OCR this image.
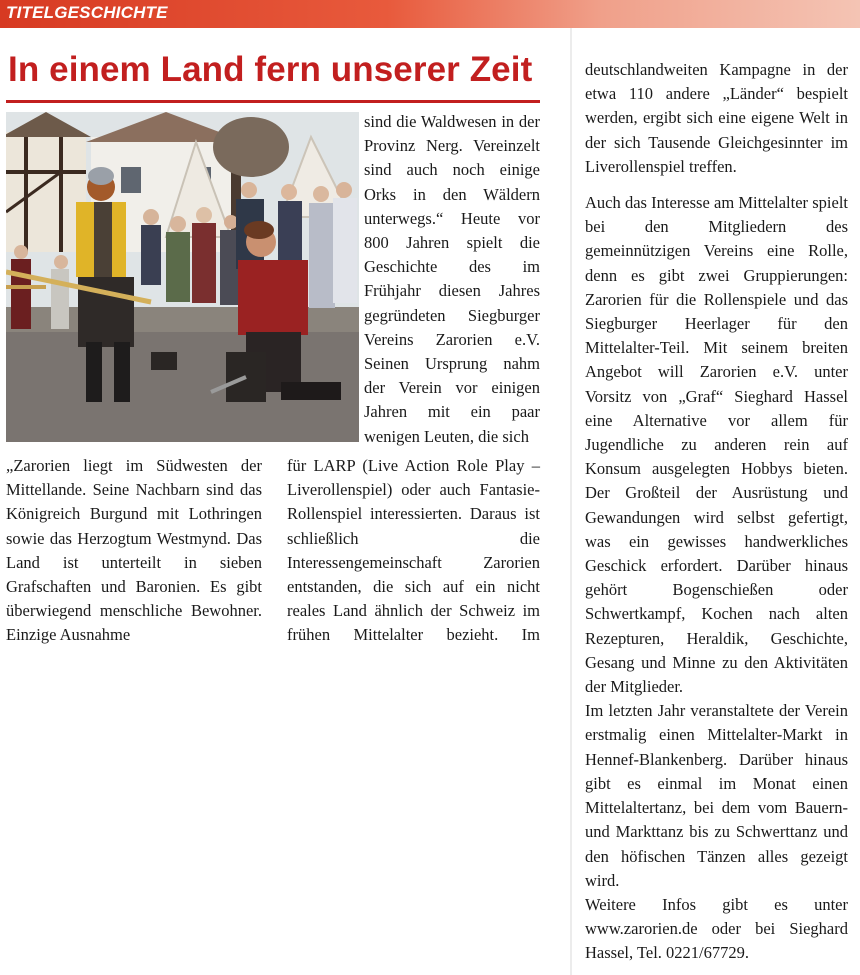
TITELGESCHICHTE
In einem Land fern unserer Zeit
sind die Waldwesen in der Provinz Nerg. Vereinzelt sind auch noch einige Orks in den Wäldern unterwegs.“ Heute vor 800 Jahren spielt die Geschichte des im Frühjahr diesen Jahres gegründeten Siegburger Vereins Zarorien e.V. Seinen Ursprung nahm der Verein vor einigen Jahren mit ein paar wenigen Leuten, die sich
„Zarorien liegt im Südwesten der Mittellande. Seine Nachbarn sind das Königreich Burgund mit Lothringen sowie das Herzogtum Westmynd. Das Land ist unterteilt in sieben Grafschaften und Baronien. Es gibt überwiegend menschliche Bewohner. Einzige Ausnahme
für LARP (Live Action Role Play – Liverollenspiel) oder auch Fantasie-Rollenspiel interessierten. Daraus ist schließlich die Interessengemeinschaft Zarorien entstanden, die sich auf ein nicht reales Land ähnlich der Schweiz im frühen Mittelalter bezieht. Im

deutschlandweiten Kampagne in der etwa 110 andere „Länder“ bespielt werden, ergibt sich eine eigene Welt in der sich Tausende Gleichgesinnter im Liverollenspiel treffen.

Auch das Interesse am Mittelalter spielt bei den Mitgliedern des gemeinnützigen Vereins eine Rolle, denn es gibt zwei Gruppierungen: Zarorien für die Rollenspiele und das Siegburger Heerlager für den Mittelalter-Teil. Mit seinem breiten Angebot will Zarorien e.V. unter Vorsitz von „Graf“ Sieghard Hassel eine Alternative vor allem für Jugendliche zu anderen rein auf Konsum ausgelegten Hobbys bieten. Der Großteil der Ausrüstung und Gewandungen wird selbst gefertigt, was ein gewisses handwerkliches Geschick erfordert. Darüber hinaus gehört Bogenschießen oder Schwertkampf, Kochen nach alten Rezepturen, Heraldik, Geschichte, Gesang und Minne zu den Aktivitäten der Mitglieder.

Im letzten Jahr veranstaltete der Verein erstmalig einen Mittelalter-Markt in Hennef-Blankenberg. Darüber hinaus gibt es einmal im Monat einen Mittelaltertanz, bei dem vom Bauern- und Markttanz bis zu Schwerttanz und den höfischen Tänzen alles gezeigt wird.

Weitere Infos gibt es unter www.zarorien.de oder bei Sieghard Hassel, Tel. 0221/67729.
